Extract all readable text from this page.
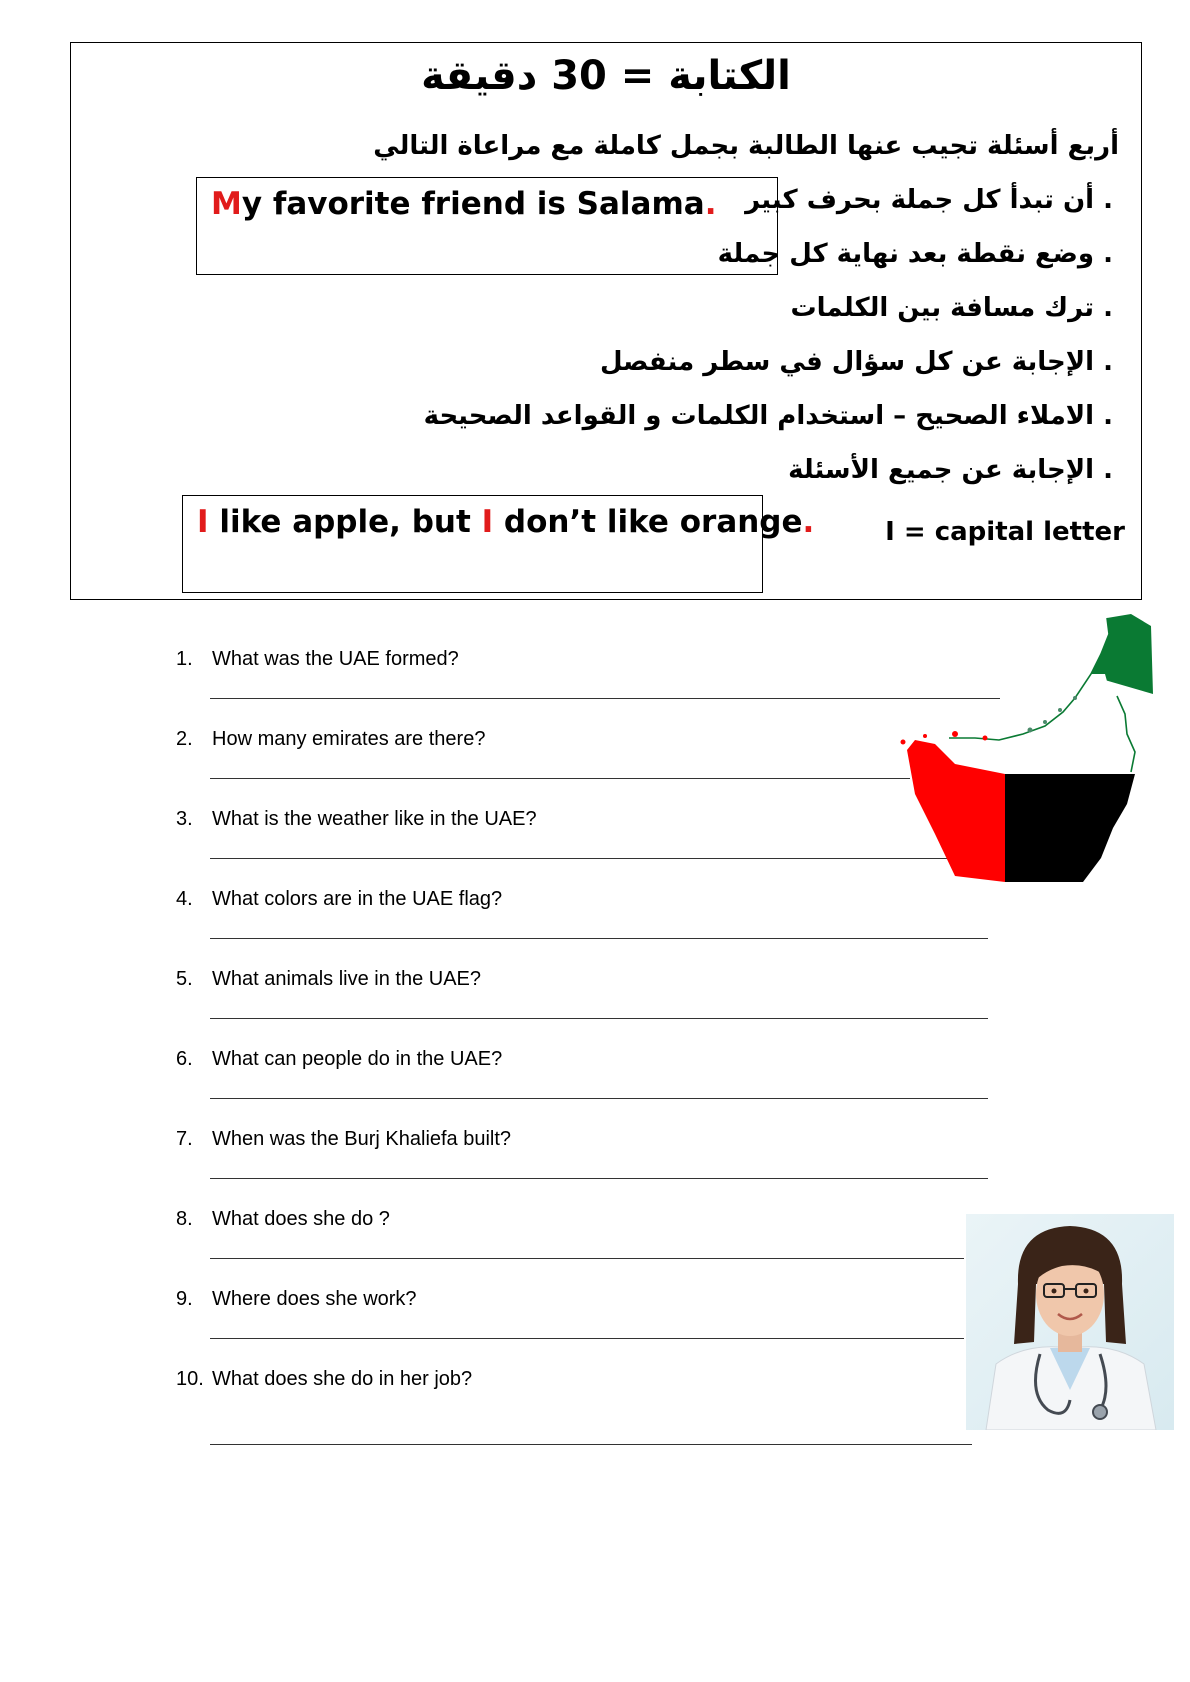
الكتابة = 30 دقيقة
أربع أسئلة تجيب عنها الطالبة بجمل كاملة مع مراعاة التالي
. أن تبدأ كل جملة بحرف كبير
. وضع نقطة بعد نهاية كل جملة
. ترك مسافة بين الكلمات
. الإجابة عن كل سؤال في سطر منفصل
. الاملاء الصحيح – استخدام الكلمات و القواعد الصحيحة
. الإجابة عن جميع الأسئلة
I = capital letter
My favorite friend is Salama.
I like apple, but I don’t like orange.
1. What was the UAE formed?
2. How many emirates are there?
3. What is the weather like in the UAE?
4. What colors are in the UAE flag?
5. What animals live in the UAE?
6. What can people do in the UAE?
7. When was the Burj Khaliefa built?
8. What does she do ?
9. Where does she work?
10. What does she do in her job?
